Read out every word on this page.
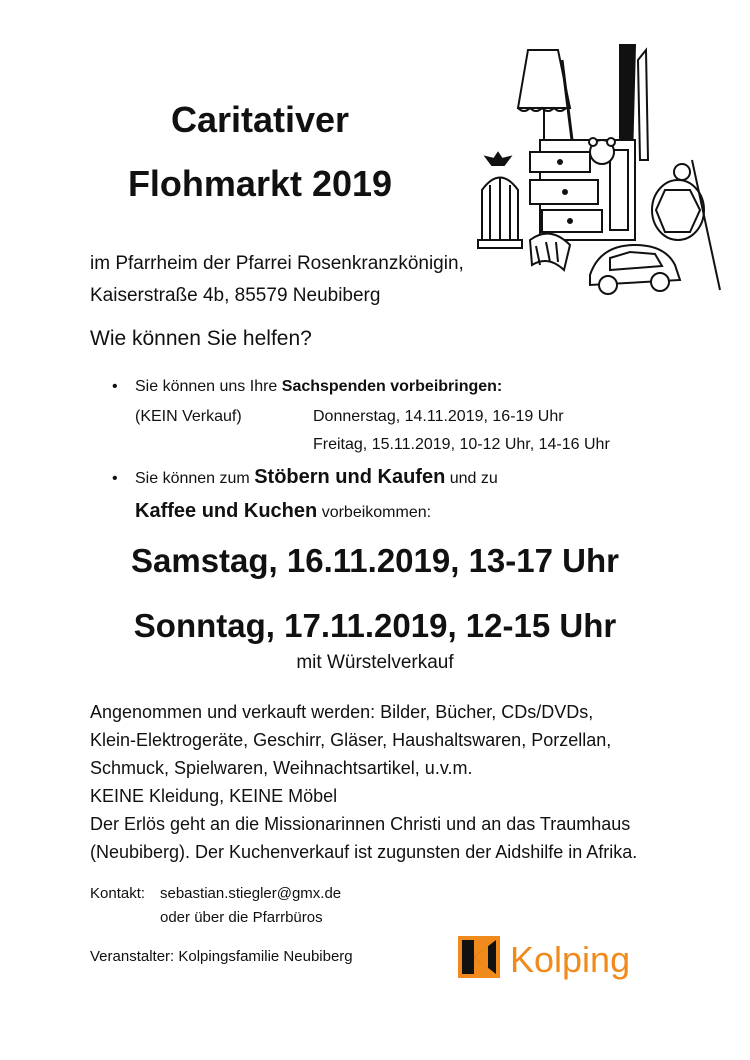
Caritativer
Flohmarkt 2019
im Pfarrheim der Pfarrei Rosenkranzkönigin,
Kaiserstraße 4b, 85579 Neubiberg
Wie können Sie helfen?
• Sie können uns Ihre Sachspenden vorbeibringen:
(KEIN Verkauf)	Donnerstag, 14.11.2019, 16-19 Uhr
Freitag, 15.11.2019, 10-12 Uhr, 14-16 Uhr
• Sie können zum Stöbern und Kaufen und zu
Kaffee und Kuchen vorbeikommen:
Samstag, 16.11.2019, 13-17 Uhr
Sonntag, 17.11.2019, 12-15 Uhr
mit Würstelverkauf
Angenommen und verkauft werden: Bilder, Bücher, CDs/DVDs,
Klein-Elektrogeräte, Geschirr, Gläser, Haushaltswaren, Porzellan,
Schmuck, Spielwaren, Weihnachtsartikel, u.v.m.
KEINE Kleidung, KEINE Möbel
Der Erlös geht an die Missionarinnen Christi und an das Traumhaus
(Neubiberg). Der Kuchenverkauf ist zugunsten der Aidshilfe in Afrika.
Kontakt: sebastian.stiegler@gmx.de
oder über die Pfarrbüros
Veranstalter: Kolpingsfamilie Neubiberg	Kolping
